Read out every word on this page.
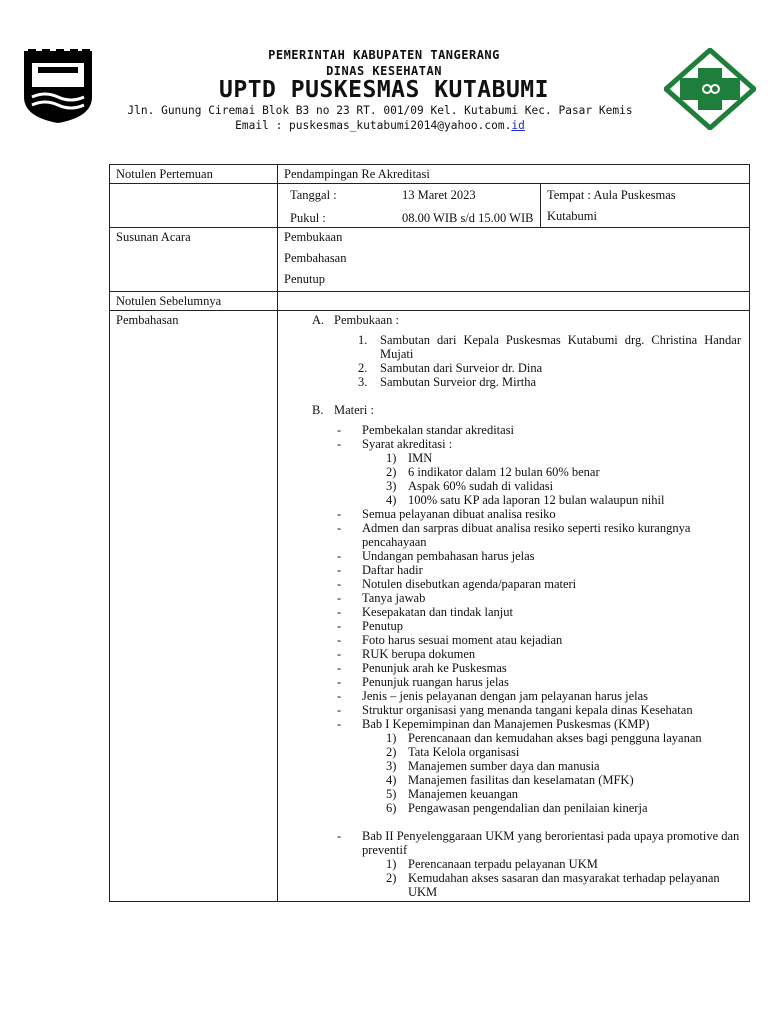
PEMERINTAH KABUPATEN TANGERANG
DINAS KESEHATAN
UPTD PUSKESMAS KUTABUMI
Jln. Gunung Ciremai Blok B3 no 23 RT. 001/09 Kel. Kutabumi Kec. Pasar Kemis
Email : puskesmas_kutabumi2014@yahoo.com.id
Notulen Pertemuan	Pendampingan Re Akreditasi

Tanggal :	13 Maret 2023	Tempat : Aula Puskesmas
Kutabumi

Pukul :	08.00 WIB s/d 15.00 WIB

Susunan Acara	Pembukaan
Pembahasan
Penutup

Notulen Sebelumnya	
Pembahasan	A. Pembukaan :
1. Sambutan dari Kepala Puskesmas Kutabumi drg. Christina Handar Mujati
2. Sambutan dari Surveior dr. Dina
3. Sambutan Surveior drg. Mirtha
B. Materi :
- Pembekalan standar akreditasi
- Syarat akreditasi :
1) IMN
2) 6 indikator dalam 12 bulan 60% benar
3) Aspak 60% sudah di validasi
4) 100% satu KP ada laporan 12 bulan walaupun nihil
- Semua pelayanan dibuat analisa resiko
- Admen dan sarpras dibuat analisa resiko seperti resiko kurangnya pencahayaan
- Undangan pembahasan harus jelas
- Daftar hadir
- Notulen disebutkan agenda/paparan materi
- Tanya jawab
- Kesepakatan dan tindak lanjut
- Penutup
- Foto harus sesuai moment atau kejadian
- RUK berupa dokumen
- Penunjuk arah ke Puskesmas
- Penunjuk ruangan harus jelas
- Jenis – jenis pelayanan dengan jam pelayanan harus jelas
- Struktur organisasi yang menanda tangani kepala dinas Kesehatan
- Bab I Kepemimpinan dan Manajemen Puskesmas (KMP)
1) Perencanaan dan kemudahan akses bagi pengguna layanan
2) Tata Kelola organisasi
3) Manajemen sumber daya dan manusia
4) Manajemen fasilitas dan keselamatan (MFK)
5) Manajemen keuangan
6) Pengawasan pengendalian dan penilaian kinerja
- Bab II Penyelenggaraan UKM yang berorientasi pada upaya promotive dan preventif
1) Perencanaan terpadu pelayanan UKM
2) Kemudahan akses sasaran dan masyarakat terhadap pelayanan UKM
